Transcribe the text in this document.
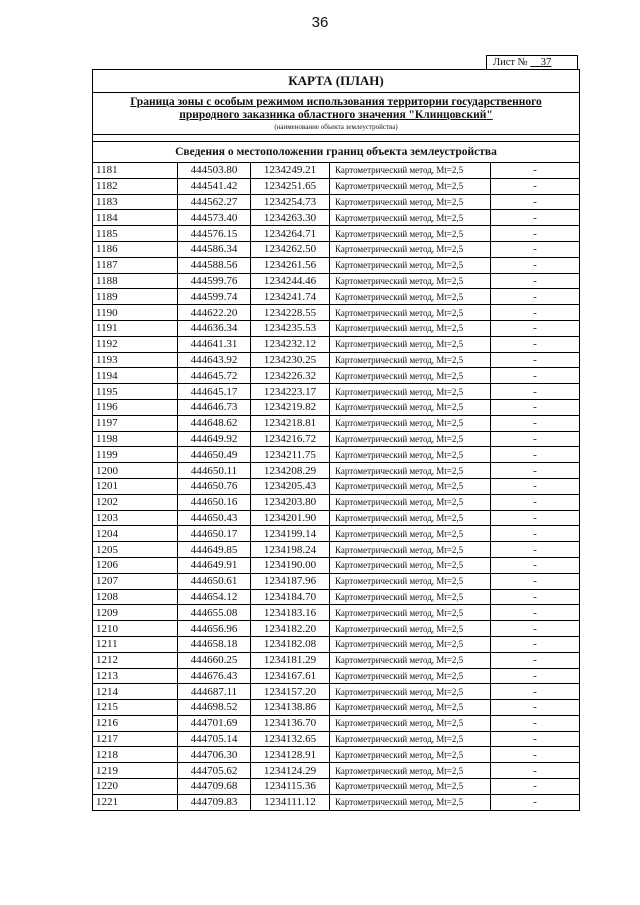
36
Лист № __37
КАРТА (ПЛАН)
Граница зоны с особым режимом использования территории государственного
природного заказника областного значения "Клинцовский"
(наименование объекта землеустройства)
Сведения о местоположении границ объекта землеустройства
1181	444503.80	1234249.21	Картометрический метод, Mt=2,5	-
1182	444541.42	1234251.65	Картометрический метод, Mt=2,5	-
1183	444562.27	1234254.73	Картометрический метод, Mt=2,5	-
1184	444573.40	1234263.30	Картометрический метод, Mt=2,5	-
1185	444576.15	1234264.71	Картометрический метод, Mt=2,5	-
1186	444586.34	1234262.50	Картометрический метод, Mt=2,5	-
1187	444588.56	1234261.56	Картометрический метод, Mt=2,5	-
1188	444599.76	1234244.46	Картометрический метод, Mt=2,5	-
1189	444599.74	1234241.74	Картометрический метод, Mt=2,5	-
1190	444622.20	1234228.55	Картометрический метод, Mt=2,5	-
1191	444636.34	1234235.53	Картометрический метод, Mt=2,5	-
1192	444641.31	1234232.12	Картометрический метод, Mt=2,5	-
1193	444643.92	1234230.25	Картометрический метод, Mt=2,5	-
1194	444645.72	1234226.32	Картометрический метод, Mt=2,5	-
1195	444645.17	1234223.17	Картометрический метод, Mt=2,5	-
1196	444646.73	1234219.82	Картометрический метод, Mt=2,5	-
1197	444648.62	1234218.81	Картометрический метод, Mt=2,5	-
1198	444649.92	1234216.72	Картометрический метод, Mt=2,5	-
1199	444650.49	1234211.75	Картометрический метод, Mt=2,5	-
1200	444650.11	1234208.29	Картометрический метод, Mt=2,5	-
1201	444650.76	1234205.43	Картометрический метод, Mt=2,5	-
1202	444650.16	1234203.80	Картометрический метод, Mt=2,5	-
1203	444650.43	1234201.90	Картометрический метод, Mt=2,5	-
1204	444650.17	1234199.14	Картометрический метод, Mt=2,5	-
1205	444649.85	1234198.24	Картометрический метод, Mt=2,5	-
1206	444649.91	1234190.00	Картометрический метод, Mt=2,5	-
1207	444650.61	1234187.96	Картометрический метод, Mt=2,5	-
1208	444654.12	1234184.70	Картометрический метод, Mt=2,5	-
1209	444655.08	1234183.16	Картометрический метод, Mt=2,5	-
1210	444656.96	1234182.20	Картометрический метод, Mt=2,5	-
1211	444658.18	1234182.08	Картометрический метод, Mt=2,5	-
1212	444660.25	1234181.29	Картометрический метод, Mt=2,5	-
1213	444676.43	1234167.61	Картометрический метод, Mt=2,5	-
1214	444687.11	1234157.20	Картометрический метод, Mt=2,5	-
1215	444698.52	1234138.86	Картометрический метод, Mt=2,5	-
1216	444701.69	1234136.70	Картометрический метод, Mt=2,5	-
1217	444705.14	1234132.65	Картометрический метод, Mt=2,5	-
1218	444706.30	1234128.91	Картометрический метод, Mt=2,5	-
1219	444705.62	1234124.29	Картометрический метод, Mt=2,5	-
1220	444709.68	1234115.36	Картометрический метод, Mt=2,5	-
1221	444709.83	1234111.12	Картометрический метод, Mt=2,5	-
